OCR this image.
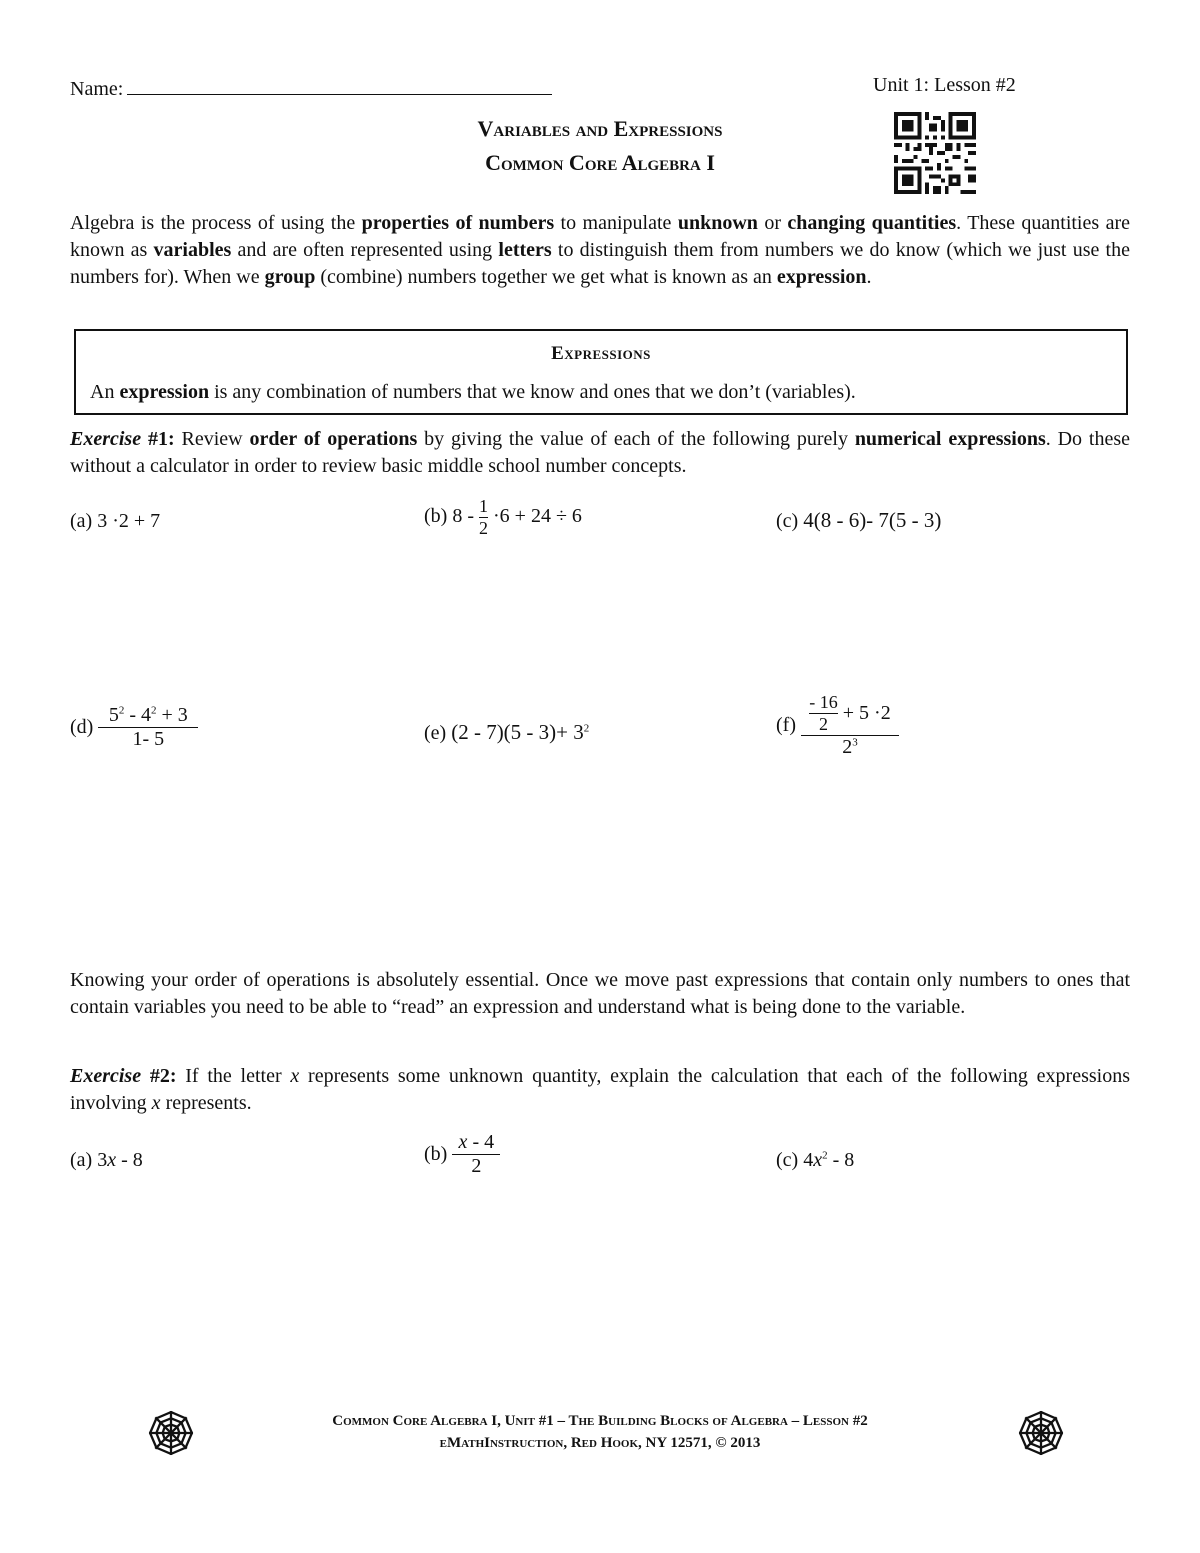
Name:	Unit 1: Lesson #2
Variables and Expressions
Common Core Algebra I
Algebra is the process of using the properties of numbers to manipulate unknown or changing quantities. These quantities are known as variables and are often represented using letters to distinguish them from numbers we do know (which we just use the numbers for). When we group (combine) numbers together we get what is known as an expression.
Expressions
An expression is any combination of numbers that we know and ones that we don’t (variables).
Exercise #1: Review order of operations by giving the value of each of the following purely numerical expressions. Do these without a calculator in order to review basic middle school number concepts.
(a) 3 ·2 + 7	(b) $8 - \frac{1}{2} \cdot 6 + 24 \div 6$	(c) 4(8 - 6)- 7(5 - 3)
$(d) \frac{5^2 - 4^2 + 3}{1- 5}$	(e) $(2 - 7)(5 - 3)+ 3^2$	$(f) \frac{\frac{- 16}{2} + 5 \cdot 2}{2^3}$
Knowing your order of operations is absolutely essential. Once we move past expressions that contain only numbers to ones that contain variables you need to be able to “read” an expression and understand what is being done to the variable.
Exercise #2: If the letter x represents some unknown quantity, explain the calculation that each of the following expressions involving x represents.
(a) 3x - 8	$(b) \frac{x - 4}{2}$	(c) $4x^2 - 8$
Common Core Algebra I, Unit #1 – The Building Blocks of Algebra – Lesson #2
eMathInstruction, Red Hook, NY 12571, © 2013
